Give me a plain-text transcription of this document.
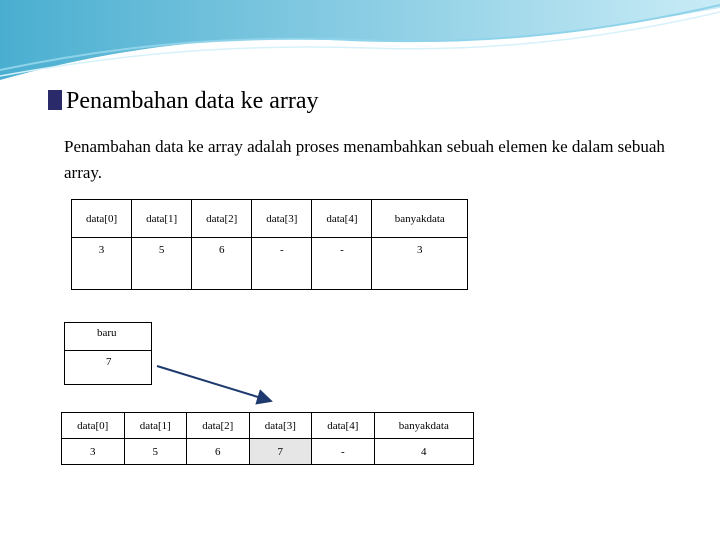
Penambahan data ke array
Penambahan data ke array adalah proses menambahkan sebuah elemen ke dalam sebuah array.
data[0]	data[1]	data[2]	data[3]	data[4]	banyakdata
3	5	6	-	-	3
baru
7
data[0]	data[1]	data[2]	data[3]	data[4]	banyakdata
3	5	6	7	-	4
